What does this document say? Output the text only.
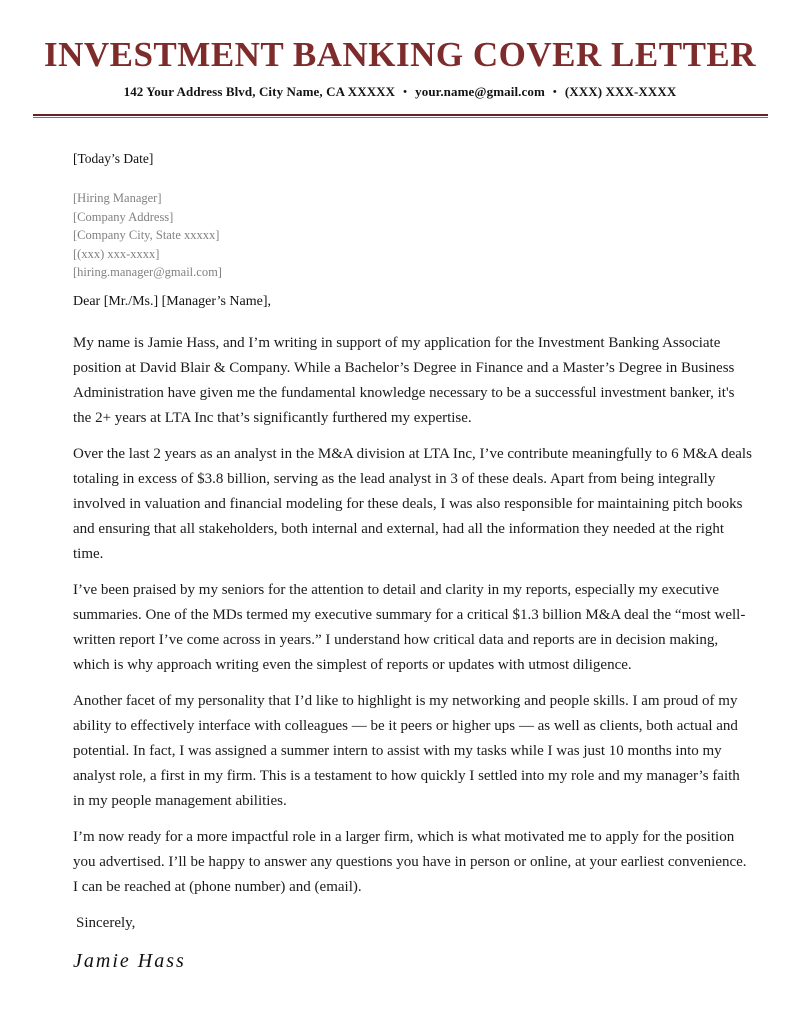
INVESTMENT BANKING COVER LETTER
142 Your Address Blvd, City Name, CA XXXXX • your.name@gmail.com • (XXX) XXX-XXXX
[Today’s Date]
[Hiring Manager]
[Company Address]
[Company City, State xxxxx]
[(xxx) xxx-xxxx]
[hiring.manager@gmail.com]
Dear [Mr./Ms.] [Manager’s Name],

My name is Jamie Hass, and I’m writing in support of my application for the Investment Banking Associate position at David Blair & Company. While a Bachelor’s Degree in Finance and a Master’s Degree in Business Administration have given me the fundamental knowledge necessary to be a successful investment banker, it's the 2+ years at LTA Inc that’s significantly furthered my expertise.

Over the last 2 years as an analyst in the M&A division at LTA Inc, I’ve contribute meaningfully to 6 M&A deals totaling in excess of $3.8 billion, serving as the lead analyst in 3 of these deals. Apart from being integrally involved in valuation and financial modeling for these deals, I was also responsible for maintaining pitch books and ensuring that all stakeholders, both internal and external, had all the information they needed at the right time.

I’ve been praised by my seniors for the attention to detail and clarity in my reports, especially my executive summaries. One of the MDs termed my executive summary for a critical $1.3 billion M&A deal the “most well-written report I’ve come across in years.” I understand how critical data and reports are in decision making, which is why approach writing even the simplest of reports or updates with utmost diligence.

Another facet of my personality that I’d like to highlight is my networking and people skills. I am proud of my ability to effectively interface with colleagues — be it peers or higher ups — as well as clients, both actual and potential. In fact, I was assigned a summer intern to assist with my tasks while I was just 10 months into my analyst role, a first in my firm. This is a testament to how quickly I settled into my role and my manager’s faith in my people management abilities.

I’m now ready for a more impactful role in a larger firm, which is what motivated me to apply for the position you advertised. I’ll be happy to answer any questions you have in person or online, at your earliest convenience. I can be reached at (phone number) and (email).

Sincerely,
Jamie Hass
